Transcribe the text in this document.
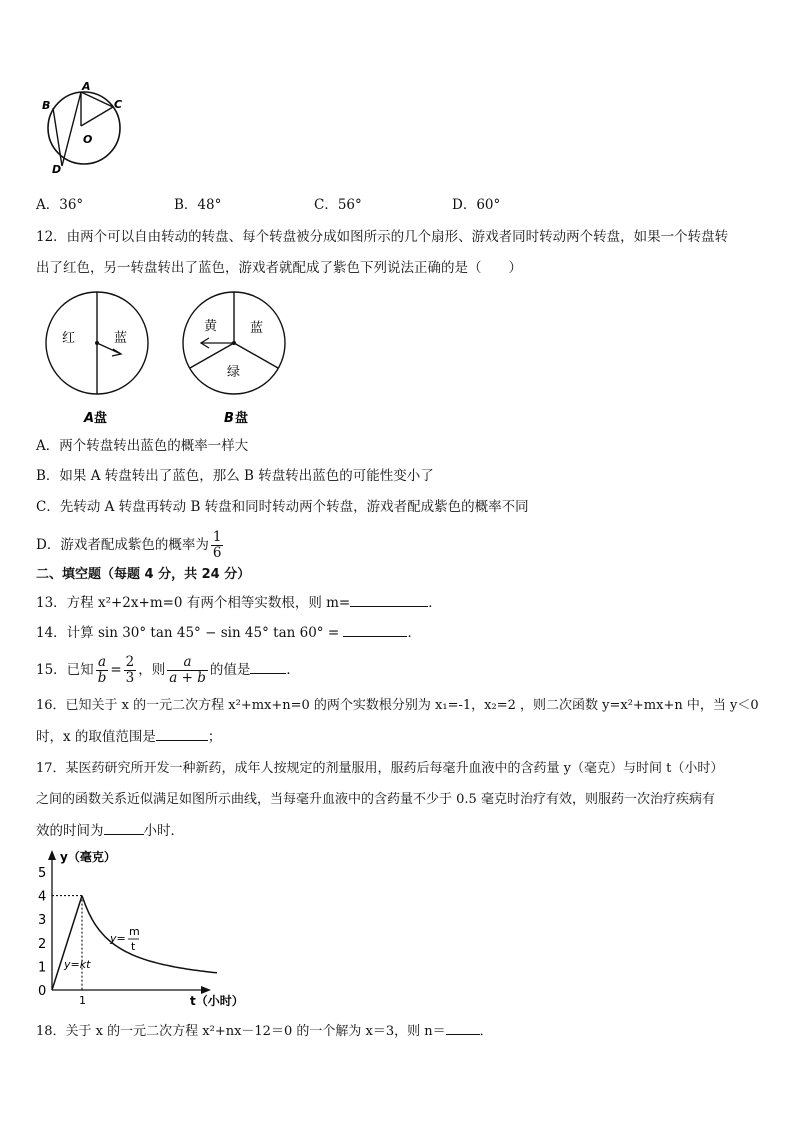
B
A
C
O
D
A．36°	B．48°	C．56°	D．60°
12．由两个可以自由转动的转盘、每个转盘被分成如图所示的几个扇形、游戏者同时转动两个转盘，如果一个转盘转
出了红色，另一转盘转出了蓝色，游戏者就配成了紫色下列说法正确的是（　　）
红	蓝
A 盘
黄	蓝
绿
B 盘
A．两个转盘转出蓝色的概率一样大
B．如果 A 转盘转出了蓝色，那么 B 转盘转出蓝色的可能性变小了
C．先转动 A 转盘再转动 B 转盘和同时转动两个转盘，游戏者配成紫色的概率不同
D．游戏者配成紫色的概率为 $\frac{1}{6}$
二、填空题（每题 4 分，共 24 分）
13．方程 x²+2x+m=0 有两个相等实数根，则 m=	．
14．计算 sin 30° tan 45° − sin 45° tan 60° =	．
15．已知 $\frac{a}{b} = \frac{2}{3}$ ，则 $\frac{a}{a + b}$ 的值是	．
16．已知关于 x 的一元二次方程 x²+mx+n=0 的两个实数根分别为 x₁=-1，x₂=2 ，则二次函数 y=x²+mx+n 中，当 y＜0
时，x 的取值范围是	；
17．某医药研究所开发一种新药，成年人按规定的剂量服用，服药后每毫升血液中的含药量 y（毫克）与时间 t（小时）
之间的函数关系近似满足如图所示曲线，当每毫升血液中的含药量不少于 0.5 毫克时治疗有效，则服药一次治疗疾病有
效的时间为	小时．
0
1
2
3
4
5
1
y（毫克）
t（小时）
y=kt
y=
m
t
18．关于 x 的一元二次方程 x²+nx－12＝0 的一个解为 x＝3，则 n＝	．
